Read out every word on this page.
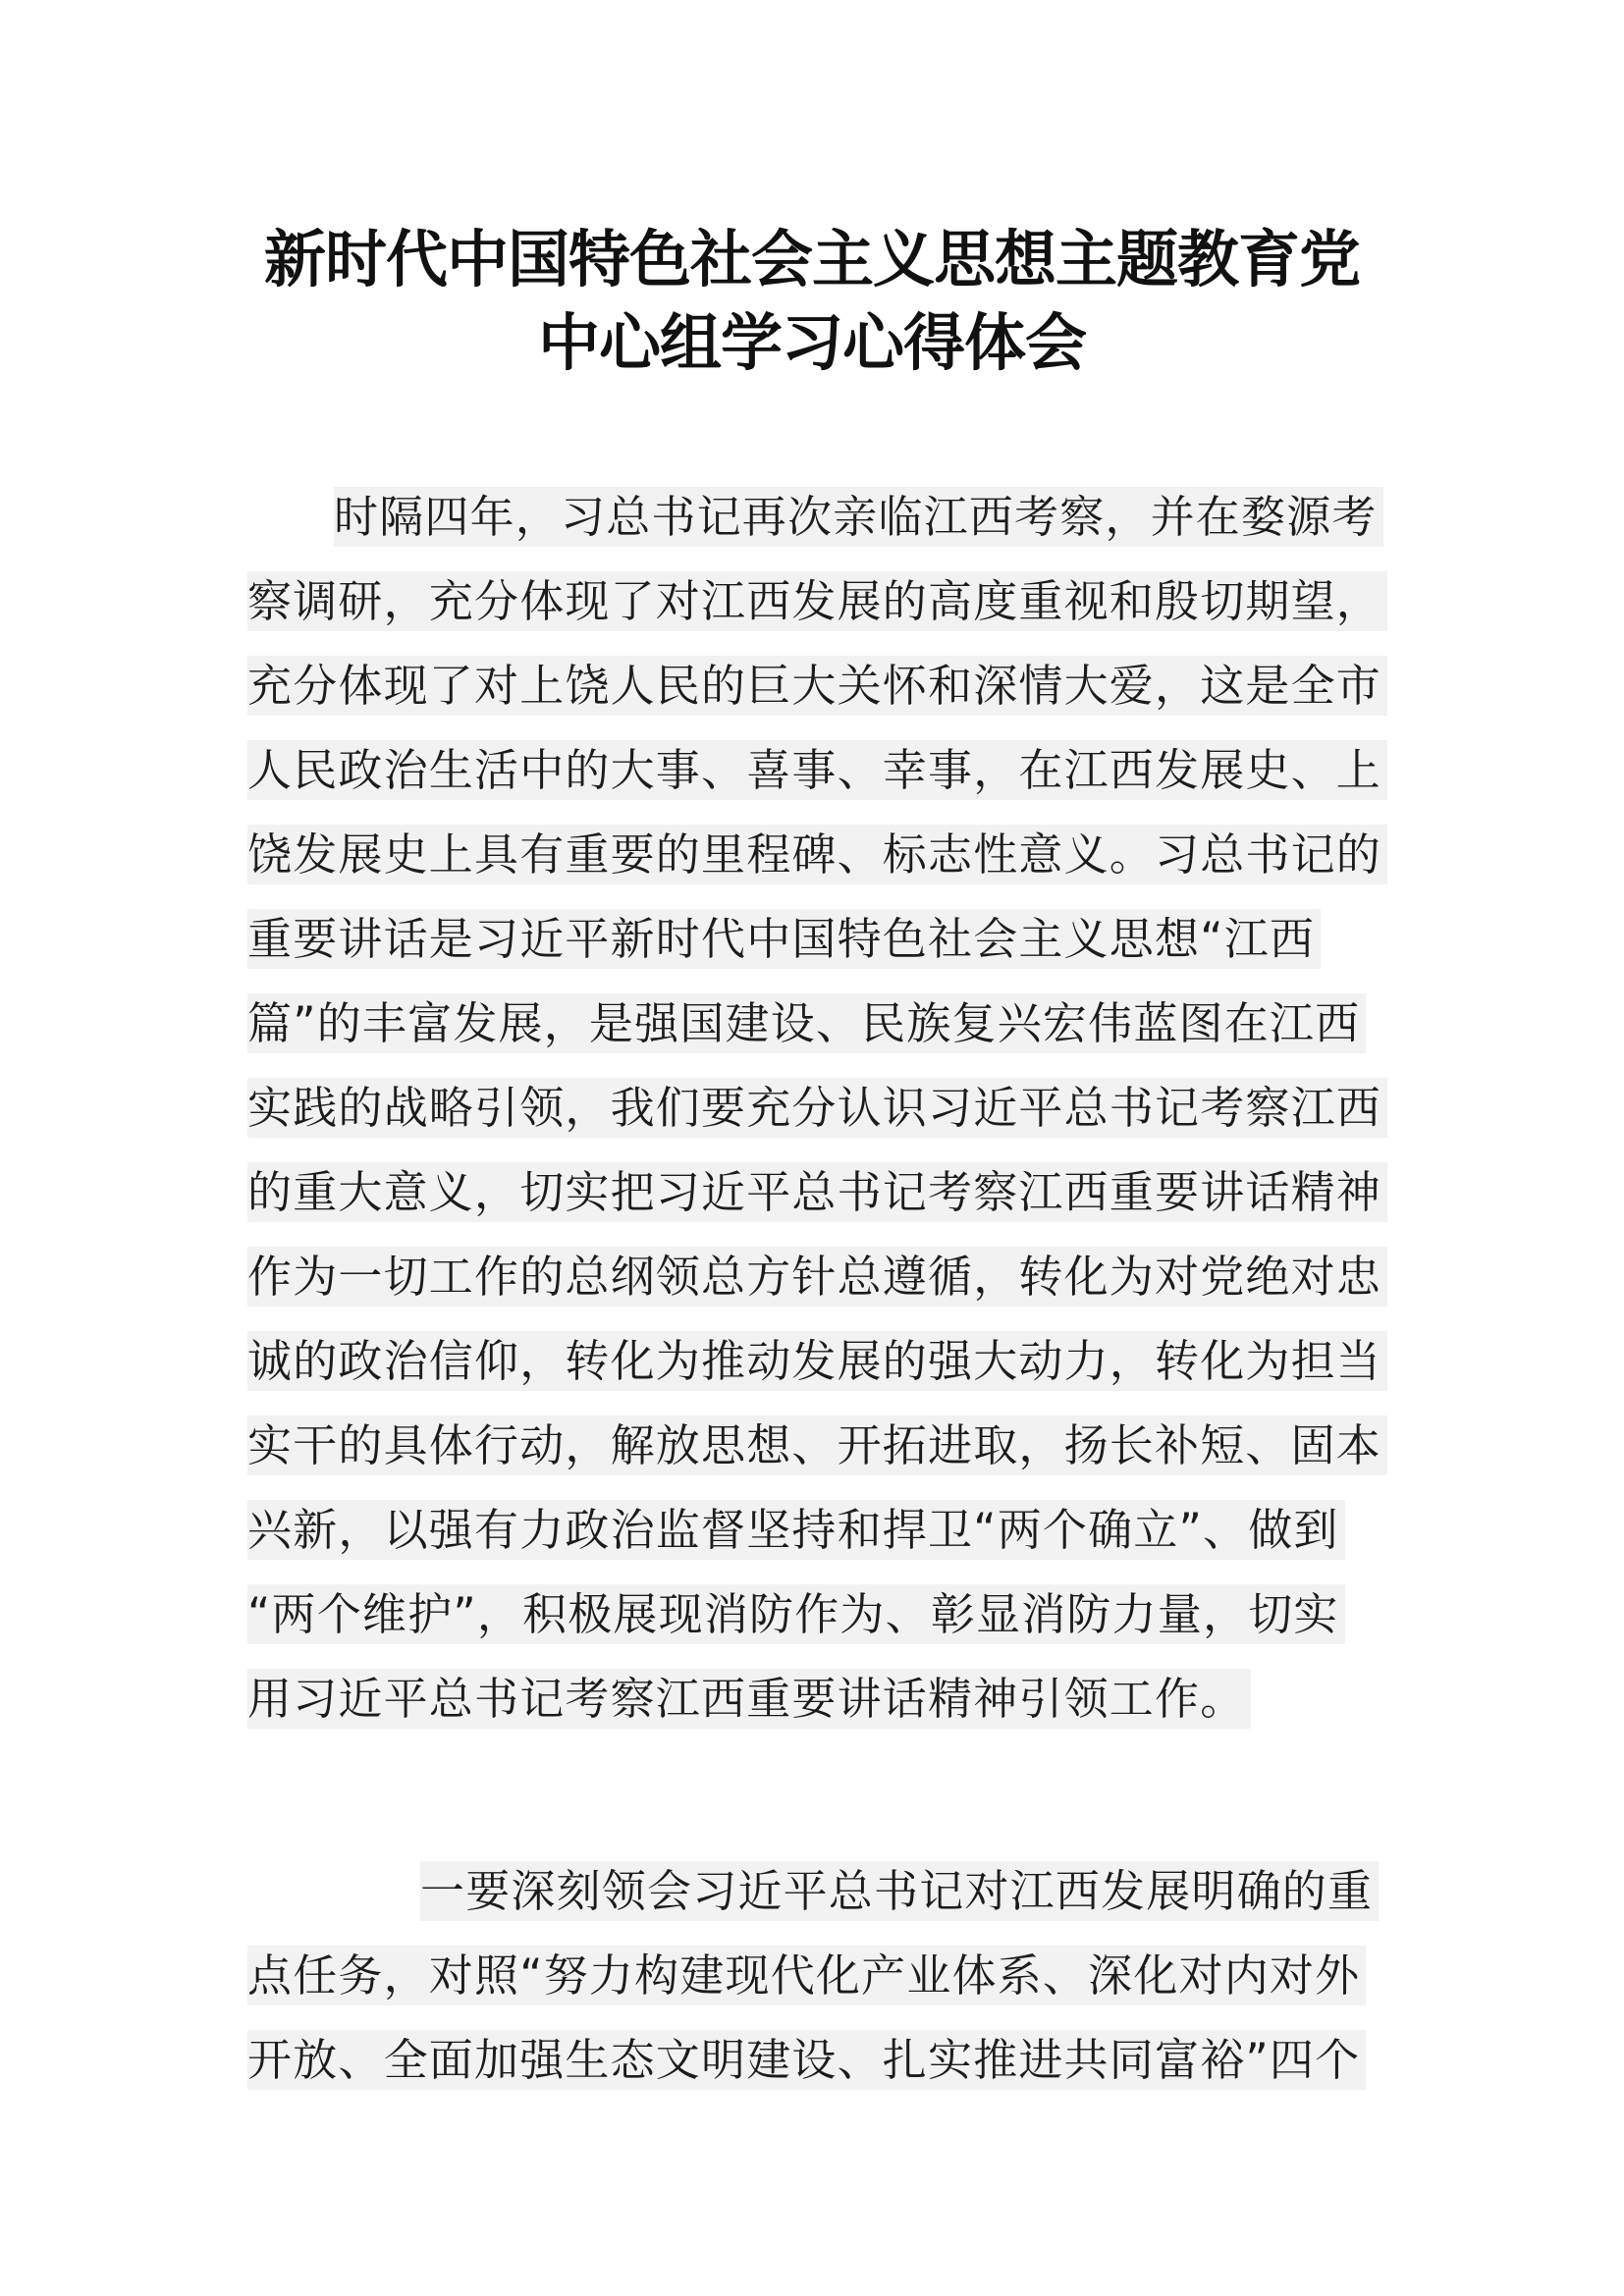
新时代中国特色社会主义思想主题教育党
中心组学习心得体会
时隔四年，习总书记再次亲临江西考察，并在婺源考
察调研，充分体现了对江西发展的高度重视和殷切期望，
充分体现了对上饶人民的巨大关怀和深情大爱，这是全市
人民政治生活中的大事、喜事、幸事，在江西发展史、上
饶发展史上具有重要的里程碑、标志性意义。习总书记的
重要讲话是习近平新时代中国特色社会主义思想“江西
篇”的丰富发展，是强国建设、民族复兴宏伟蓝图在江西
实践的战略引领，我们要充分认识习近平总书记考察江西
的重大意义，切实把习近平总书记考察江西重要讲话精神
作为一切工作的总纲领总方针总遵循，转化为对党绝对忠
诚的政治信仰，转化为推动发展的强大动力，转化为担当
实干的具体行动，解放思想、开拓进取，扬长补短、固本
兴新，以强有力政治监督坚持和捍卫“两个确立”、做到
“两个维护”，积极展现消防作为、彰显消防力量，切实
用习近平总书记考察江西重要讲话精神引领工作。
一要深刻领会习近平总书记对江西发展明确的重
点任务，对照“努力构建现代化产业体系、深化对内对外
开放、全面加强生态文明建设、扎实推进共同富裕”四个
